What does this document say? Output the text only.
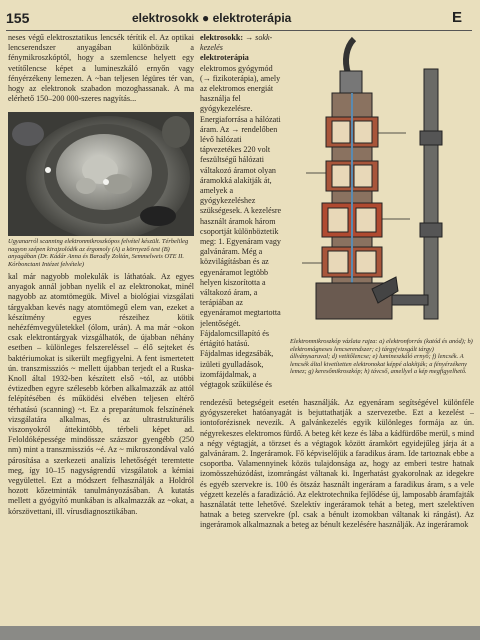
155	elektrosokk ● elektroterápia	E

neses végű elektrosztatikus lencsék térítik el. Az optikai lencserendszer anyagában különbözik a fénymikroszkóptól, hogy a szemlencse helyett egy vetítőlencse képet a lumineszkáló ernyőn vagy fényérzékeny lemezen. A ~ban teljesen légüres tér van, hogy az elektronok szabadon mozoghassanak. A ma elérhető 150–200 000-szeres nagyítás...

Ugyanarról scanning elektronmikroszkópos felvétel készült. Térbelileg nagyon szépen kirajzolódik az érgomoly (A) a környező test (B) anyagában (Dr. Kádár Anna és Baradly Zoltán, Semmelweis OTE II. Kórbonctani Intézet felvétele)

kal már nagyobb molekulák is láthatóak. Az egyes anyagok annál jobban nyelik el az elektronokat, minél nagyobb az atomtömegük. Mivel a biológiai vizsgálati tárgyakban kevés nagy atomtömegű elem van, ezeket a készítmény egyes részeihez kötik nehézfémvegyületekkel (ólom, urán). A ma már ~okon csak elektrontárgyak vizsgálhatók, de újabban néhány esetben – különleges felszereléssel – élő sejteket és baktériumokat is sikerült megfigyelni. A fent ismertetett ún. transzmissziós ~ mellett újabban terjedt el a Ruska-Knoll által 1932-ben készített első ~tól, az utóbbi évtizedben egyre szélesebb körben alkalmazzák az attól felépítésében és működési elvében teljesen eltérő térhatású (scanning) ~t. Ez a preparátumok felszínének vizsgálatára alkalmas, és az ultrastrukturális viszonyokról áttekintőbb, térbeli képet ad. Feloldóképessége mindössze százszor gyengébb (250 nm) mint a transzmissziós ~é. Az ~ mikroszondával való párosítása a szerkezeti analízis lehetőségét teremtette meg, így 10–15 nagyságrendű vizsgálatok a kémiai vegyülettel. Ezt a módszert felhasználják a Holdról hozott kőzetminták tanulmányozásában. A kutatás mellett a gyógyító munkában is alkalmazzák az ~okat, a kórszövettani, ill. vírusdiagnosztikában.

elektrosokk: → sokk-kezelés

elektroterápia elektromos gyógymód (→ fizikoterápia), amely az elektromos energiát használja fel gyógykezelésre. Energiaforrása a hálózati áram. Az → rendelőben lévő hálózati tápvezetékes 220 volt feszültségű hálózati váltakozó áramot olyan áramokká alakítják át, amelyek a gyógykezeléshez szükségesek. A kezelésre használt áramok három csoportját különböztetik meg: 1. Egyenáram vagy galvánáram. Még a közvilágításban és az egyenáramot legtöbb helyen kiszorította a váltakozó áram, a terápiában az egyenáramot megtartotta jelentőségét. Fájdalomcsillapító és értágító hatású. Fájdalmas idegzsábák, izületi gyulladások, izomfájdalmak, a végtagok szűkülése és

Elektronmikroszkóp vázlata rajza: a) elektronforrás (katód és anód); b) elektromágneses lencserendszer; c) tárgy(vizsgált tárgy) állványsaruval; d) vetítőlencse; e) lumineszkáló ernyő; f) lencsék. A lencsék által kivetítetten elektronokat képpé alakítják; a fényérzékeny lemez; g) keresőmikroszkóp; h) távcső, amellyel a kép megfigyelhető.

rendezésű betegségeit esetén használják. Az egyenáram segítségével különféle gyógyszereket hatóanyagát is bejuttathatják a szervezetbe. Ezt a kezelést –iontoforézisnek nevezik. A galvánkezelés egyik különleges formája az ún. négyrekeszes elektromos fürdő. A beteg két keze és lába a kádfürdőbe merül, s mind a négy végtagját, a törzset és a végtagok között áramkört egyidejűleg járja át a galvánáram. 2. Ingeráramok. Fő képviselőjük a faradikus áram. Ide tartoznak ebbe a csoportba. Valamennyinek közös tulajdonsága az, hogy az emberi testre hatnak izomösszehúzódást, izomrángást váltanak ki. Ingerhatást gyakorolnak az idegekre és egyéb szervekre is. 100 és ötszáz használt ingeráram a faradikus áram, s a vele végzett kezelés a faradizáció. Az elektrotechnika fejlődése új, lamposabb áramfajták használatát tette lehetővé. Szelektív ingeráramok tehát a beteg, mert szelektíven hatnak a beteg szervekre (pl. csak a bénult izomokban váltanak ki rángást). Az ingeráramok alkalmaznak a beteg az bénult kezelésére használják. Az ingeráramok
